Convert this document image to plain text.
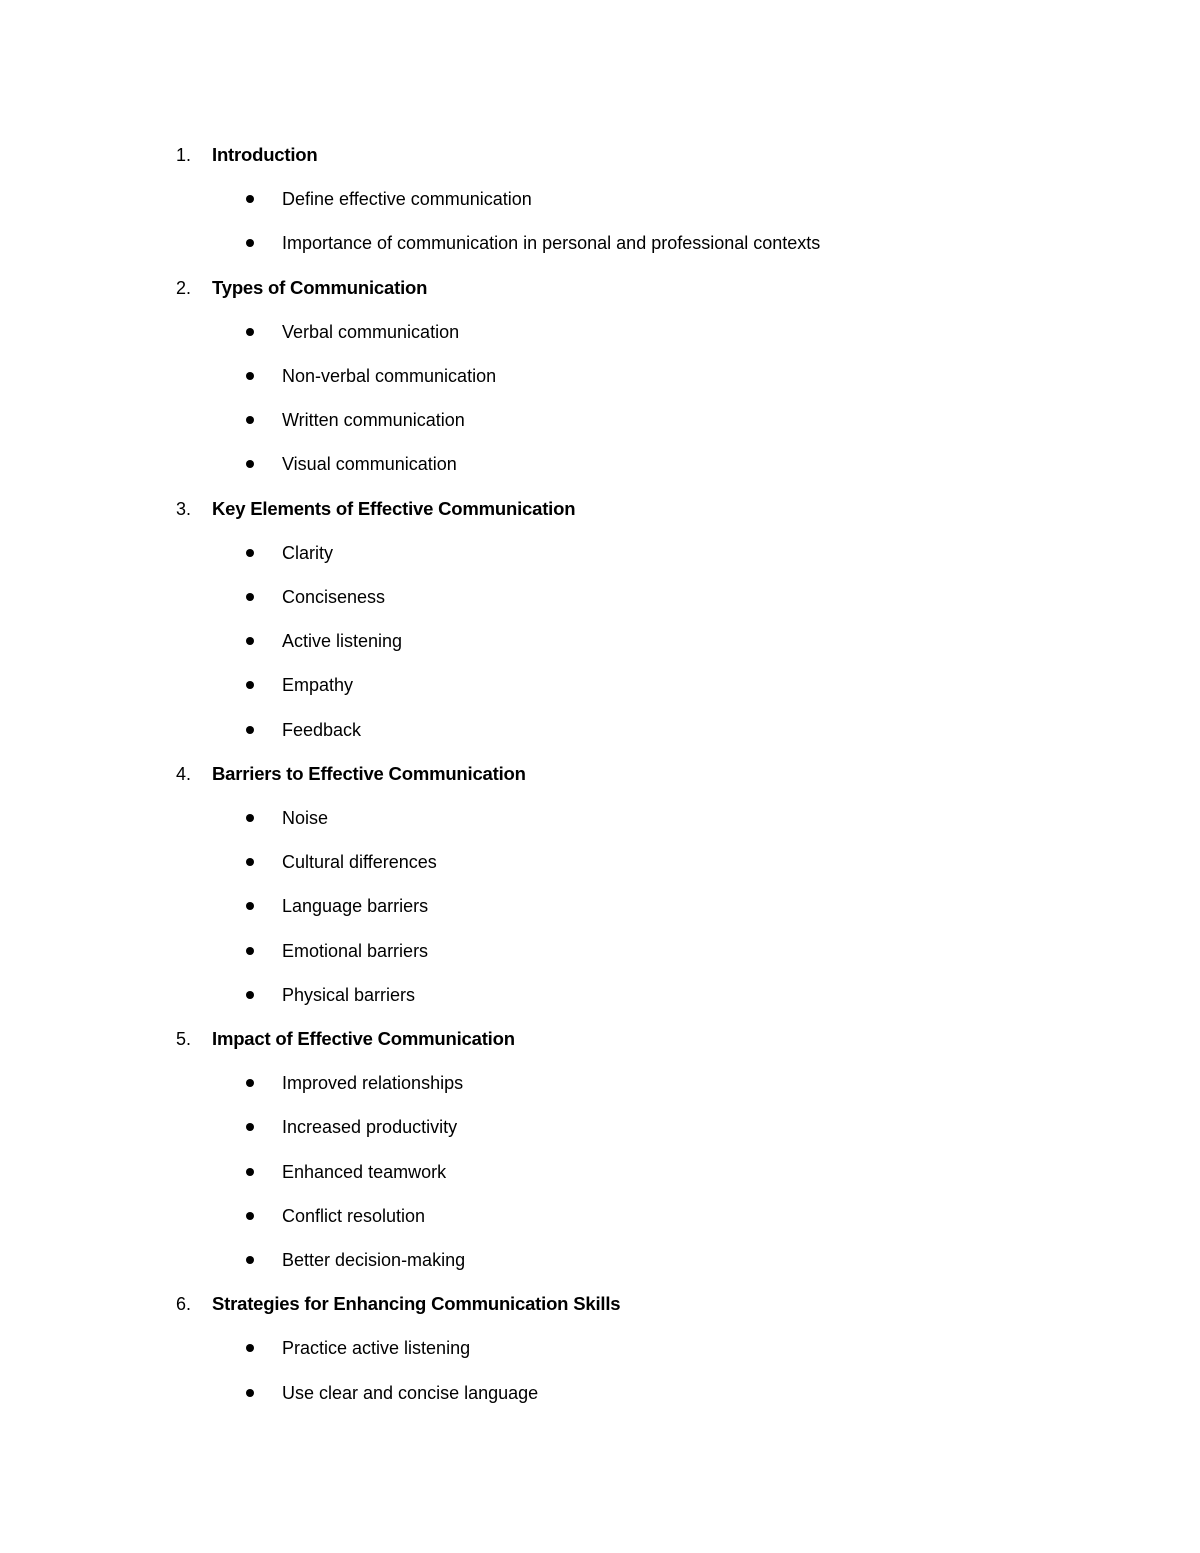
1. Introduction
Define effective communication
Importance of communication in personal and professional contexts
2. Types of Communication
Verbal communication
Non-verbal communication
Written communication
Visual communication
3. Key Elements of Effective Communication
Clarity
Conciseness
Active listening
Empathy
Feedback
4. Barriers to Effective Communication
Noise
Cultural differences
Language barriers
Emotional barriers
Physical barriers
5. Impact of Effective Communication
Improved relationships
Increased productivity
Enhanced teamwork
Conflict resolution
Better decision-making
6. Strategies for Enhancing Communication Skills
Practice active listening
Use clear and concise language
